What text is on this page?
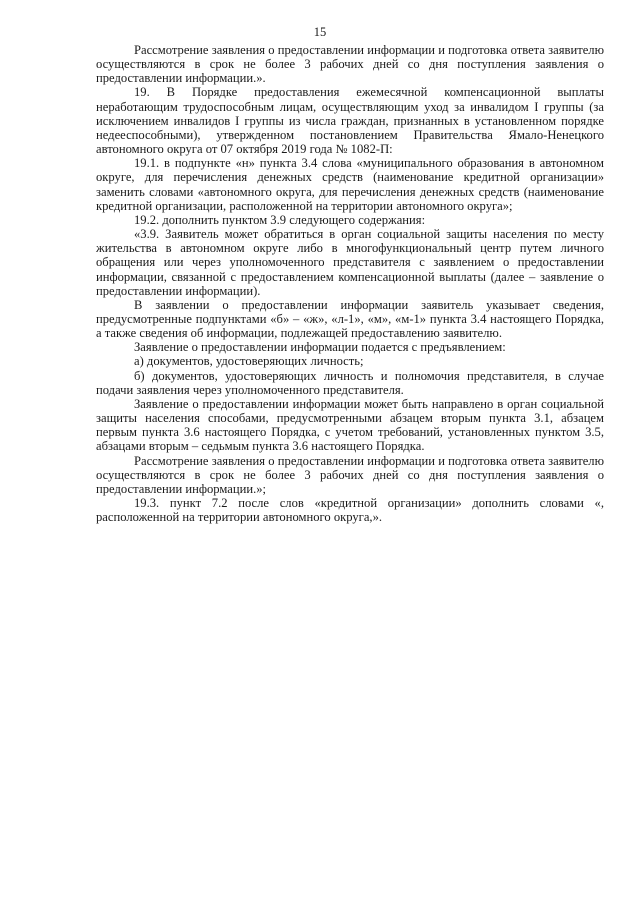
15

Рассмотрение заявления о предоставлении информации и подготовка ответа заявителю осуществляются в срок не более 3 рабочих дней со дня поступления заявления о предоставлении информации.».

19. В Порядке предоставления ежемесячной компенсационной выплаты неработающим трудоспособным лицам, осуществляющим уход за инвалидом I группы (за исключением инвалидов I группы из числа граждан, признанных в установленном порядке недееспособными), утвержденном постановлением Правительства Ямало-Ненецкого автономного округа от 07 октября 2019 года № 1082-П:

19.1. в подпункте «н» пункта 3.4 слова «муниципального образования в автономном округе, для перечисления денежных средств (наименование кредитной организации» заменить словами «автономного округа, для перечисления денежных средств (наименование кредитной организации, расположенной на территории автономного округа»;

19.2. дополнить пунктом 3.9 следующего содержания:

«3.9. Заявитель может обратиться в орган социальной защиты населения по месту жительства в автономном округе либо в многофункциональный центр путем личного обращения или через уполномоченного представителя с заявлением о предоставлении информации, связанной с предоставлением компенсационной выплаты (далее – заявление о предоставлении информации).

В заявлении о предоставлении информации заявитель указывает сведения, предусмотренные подпунктами «б» – «ж», «л-1», «м», «м-1» пункта 3.4 настоящего Порядка, а также сведения об информации, подлежащей предоставлению заявителю.

Заявление о предоставлении информации подается с предъявлением:

а) документов, удостоверяющих личность;

б) документов, удостоверяющих личность и полномочия представителя, в случае подачи заявления через уполномоченного представителя.

Заявление о предоставлении информации может быть направлено в орган социальной защиты населения способами, предусмотренными абзацем вторым пункта 3.1, абзацем первым пункта 3.6 настоящего Порядка, с учетом требований, установленных пунктом 3.5, абзацами вторым – седьмым пункта 3.6 настоящего Порядка.

Рассмотрение заявления о предоставлении информации и подготовка ответа заявителю осуществляются в срок не более 3 рабочих дней со дня поступления заявления о предоставлении информации.»;

19.3. пункт 7.2 после слов «кредитной организации» дополнить словами «, расположенной на территории автономного округа,».
